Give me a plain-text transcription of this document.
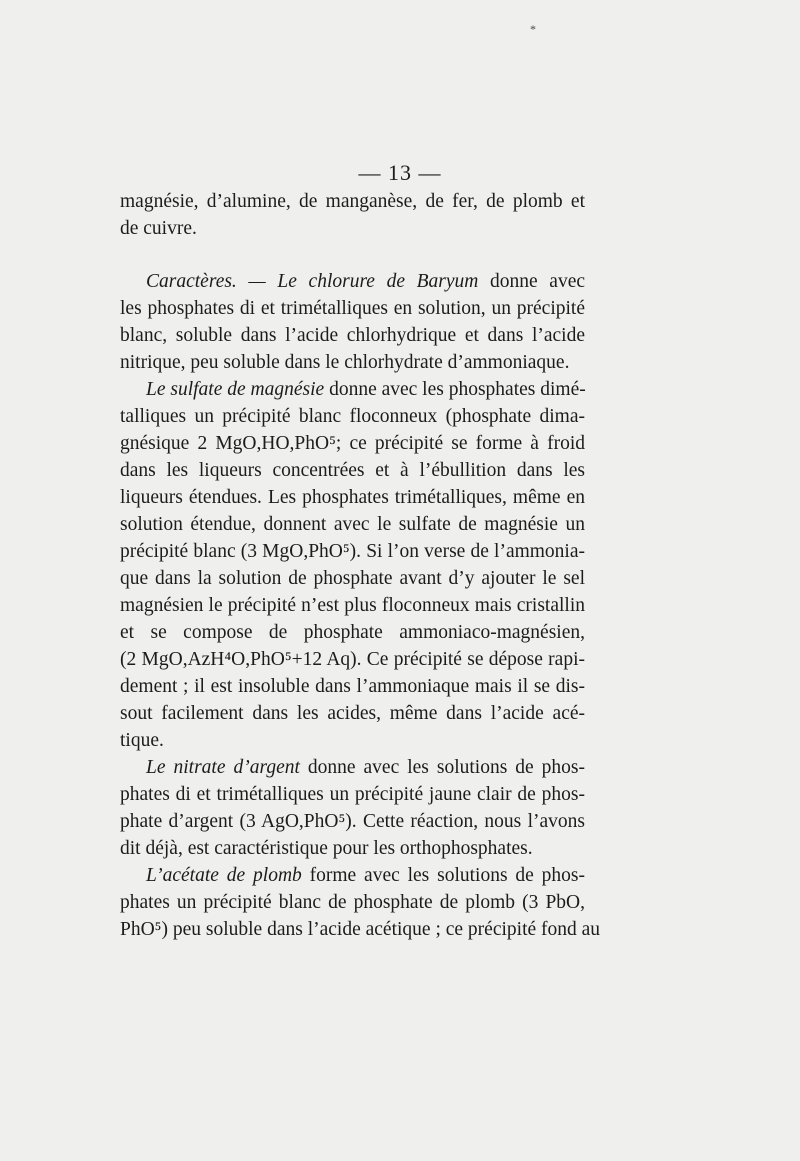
*
— 13 —
magnésie, d’alumine, de manganèse, de fer, de plomb et
de cuivre.
Caractères. — Le chlorure de Baryum donne avec
les phosphates di et trimétalliques en solution, un précipité
blanc, soluble dans l’acide chlorhydrique et dans l’acide
nitrique, peu soluble dans le chlorhydrate d’ammoniaque.
Le sulfate de magnésie donne avec les phosphates dimé-
talliques un précipité blanc floconneux (phosphate dima-
gnésique 2 MgO,HO,PhO⁵; ce précipité se forme à froid
dans les liqueurs concentrées et à l’ébullition dans les
liqueurs étendues. Les phosphates trimétalliques, même en
solution étendue, donnent avec le sulfate de magnésie un
précipité blanc (3 MgO,PhO⁵). Si l’on verse de l’ammonia-
que dans la solution de phosphate avant d’y ajouter le sel
magnésien le précipité n’est plus floconneux mais cristallin
et se compose de phosphate ammoniaco-magnésien,
(2 MgO,AzH⁴O,PhO⁵+12 Aq). Ce précipité se dépose rapi-
dement ; il est insoluble dans l’ammoniaque mais il se dis-
sout facilement dans les acides, même dans l’acide acé-
tique.
Le nitrate d’argent donne avec les solutions de phos-
phates di et trimétalliques un précipité jaune clair de phos-
phate d’argent (3 AgO,PhO⁵). Cette réaction, nous l’avons
dit déjà, est caractéristique pour les orthophosphates.
L’acétate de plomb forme avec les solutions de phos-
phates un précipité blanc de phosphate de plomb (3 PbO,
PhO⁵) peu soluble dans l’acide acétique ; ce précipité fond au
